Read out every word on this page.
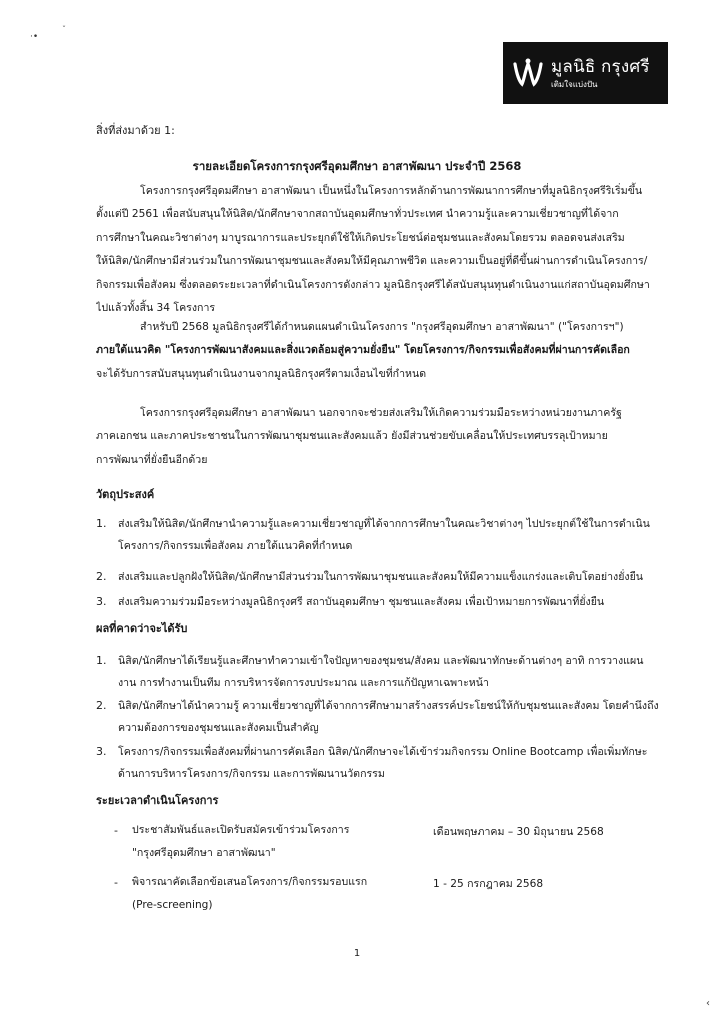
·•
ˇ
มูลนิธิ กรุงศรี
เติมใจแบ่งปัน
สิ่งที่ส่งมาด้วย 1:
รายละเอียดโครงการกรุงศรีอุดมศึกษา อาสาพัฒนา ประจำปี 2568
โครงการกรุงศรีอุดมศึกษา อาสาพัฒนา เป็นหนึ่งในโครงการหลักด้านการพัฒนาการศึกษาที่มูลนิธิกรุงศรีริเริ่มขึ้น
ตั้งแต่ปี 2561 เพื่อสนับสนุนให้นิสิต/นักศึกษาจากสถาบันอุดมศึกษาทั่วประเทศ นำความรู้และความเชี่ยวชาญที่ได้จาก
การศึกษาในคณะวิชาต่างๆ มาบูรณาการและประยุกต์ใช้ให้เกิดประโยชน์ต่อชุมชนและสังคมโดยรวม ตลอดจนส่งเสริม
ให้นิสิต/นักศึกษามีส่วนร่วมในการพัฒนาชุมชนและสังคมให้มีคุณภาพชีวิต และความเป็นอยู่ที่ดีขึ้นผ่านการดำเนินโครงการ/
กิจกรรมเพื่อสังคม ซึ่งตลอดระยะเวลาที่ดำเนินโครงการดังกล่าว มูลนิธิกรุงศรีได้สนับสนุนทุนดำเนินงานแก่สถาบันอุดมศึกษา
ไปแล้วทั้งสิ้น 34 โครงการ
สำหรับปี 2568 มูลนิธิกรุงศรีได้กำหนดแผนดำเนินโครงการ "กรุงศรีอุดมศึกษา อาสาพัฒนา" ("โครงการฯ")
ภายใต้แนวคิด "โครงการพัฒนาสังคมและสิ่งแวดล้อมสู่ความยั่งยืน" โดยโครงการ/กิจกรรมเพื่อสังคมที่ผ่านการคัดเลือก
จะได้รับการสนับสนุนทุนดำเนินงานจากมูลนิธิกรุงศรีตามเงื่อนไขที่กำหนด
โครงการกรุงศรีอุดมศึกษา อาสาพัฒนา นอกจากจะช่วยส่งเสริมให้เกิดความร่วมมือระหว่างหน่วยงานภาครัฐ
ภาคเอกชน และภาคประชาชนในการพัฒนาชุมชนและสังคมแล้ว ยังมีส่วนช่วยขับเคลื่อนให้ประเทศบรรลุเป้าหมาย
การพัฒนาที่ยั่งยืนอีกด้วย
วัตถุประสงค์
1. ส่งเสริมให้นิสิต/นักศึกษานำความรู้และความเชี่ยวชาญที่ได้จากการศึกษาในคณะวิชาต่างๆ ไปประยุกต์ใช้ในการดำเนิน
โครงการ/กิจกรรมเพื่อสังคม ภายใต้แนวคิดที่กำหนด
2. ส่งเสริมและปลูกฝังให้นิสิต/นักศึกษามีส่วนร่วมในการพัฒนาชุมชนและสังคมให้มีความแข็งแกร่งและเติบโตอย่างยั่งยืน
3. ส่งเสริมความร่วมมือระหว่างมูลนิธิกรุงศรี สถาบันอุดมศึกษา ชุมชนและสังคม เพื่อเป้าหมายการพัฒนาที่ยั่งยืน
ผลที่คาดว่าจะได้รับ
1. นิสิต/นักศึกษาได้เรียนรู้และศึกษาทำความเข้าใจปัญหาของชุมชน/สังคม และพัฒนาทักษะด้านต่างๆ อาทิ การวางแผน
งาน การทำงานเป็นทีม การบริหารจัดการงบประมาณ และการแก้ปัญหาเฉพาะหน้า
2. นิสิต/นักศึกษาได้นำความรู้ ความเชี่ยวชาญที่ได้จากการศึกษามาสร้างสรรค์ประโยชน์ให้กับชุมชนและสังคม โดยคำนึงถึง
ความต้องการของชุมชนและสังคมเป็นสำคัญ
3. โครงการ/กิจกรรมเพื่อสังคมที่ผ่านการคัดเลือก นิสิต/นักศึกษาจะได้เข้าร่วมกิจกรรม Online Bootcamp เพื่อเพิ่มทักษะ
ด้านการบริหารโครงการ/กิจกรรม และการพัฒนานวัตกรรม
ระยะเวลาดำเนินโครงการ
- ประชาสัมพันธ์และเปิดรับสมัครเข้าร่วมโครงการ
"กรุงศรีอุดมศึกษา อาสาพัฒนา"
เดือนพฤษภาคม – 30 มิถุนายน 2568
- พิจารณาคัดเลือกข้อเสนอโครงการ/กิจกรรมรอบแรก
(Pre-screening)
1 - 25 กรกฎาคม 2568
1
‹
